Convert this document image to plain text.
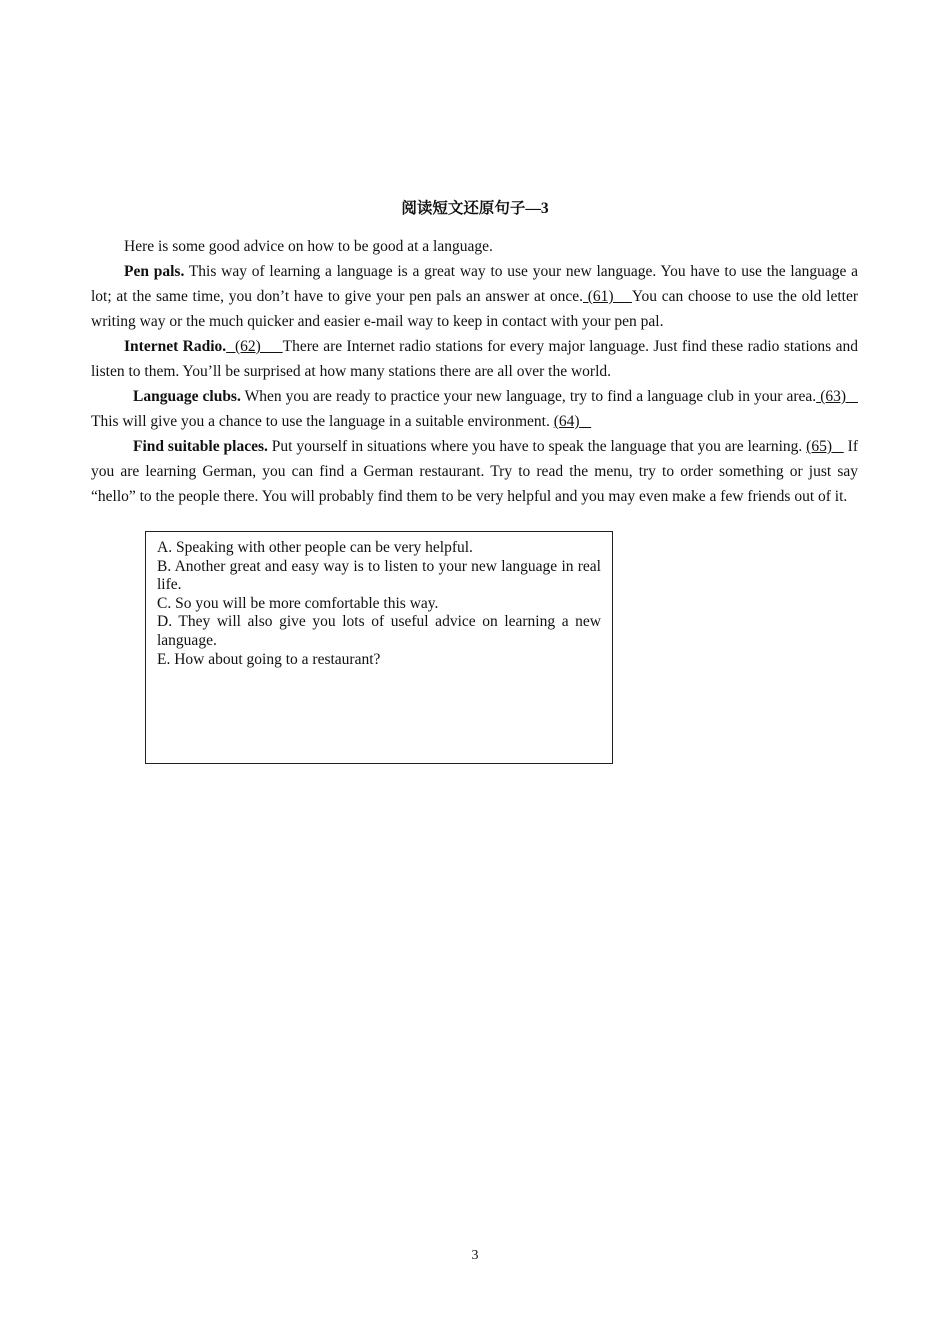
阅读短文还原句子—3

Here is some good advice on how to be good at a language.

Pen pals. This way of learning a language is a great way to use your new language. You have to use the language a lot; at the same time, you don’t have to give your pen pals an answer at once. (61)    You can choose to use the old letter writing way or the much quicker and easier e-mail way to keep in contact with your pen pal.

Internet Radio.  (62)     There are Internet radio stations for every major language. Just find these radio stations and listen to them. You’ll be surprised at how many stations there are all over the world.

Language clubs. When you are ready to practice your new language, try to find a language club in your area. (63)    This will give you a chance to use the language in a suitable environment. (64)

Find suitable places. Put yourself in situations where you have to speak the language that you are learning. (65)    If you are learning German, you can find a German restaurant. Try to read the menu, try to order something or just say “hello” to the people there. You will probably find them to be very helpful and you may even make a few friends out of it.

A. Speaking with other people can be very helpful.
B. Another great and easy way is to listen to your new language in real life.
C. So you will be more comfortable this way.
D. They will also give you lots of useful advice on learning a new language.
E. How about going to a restaurant?
3
